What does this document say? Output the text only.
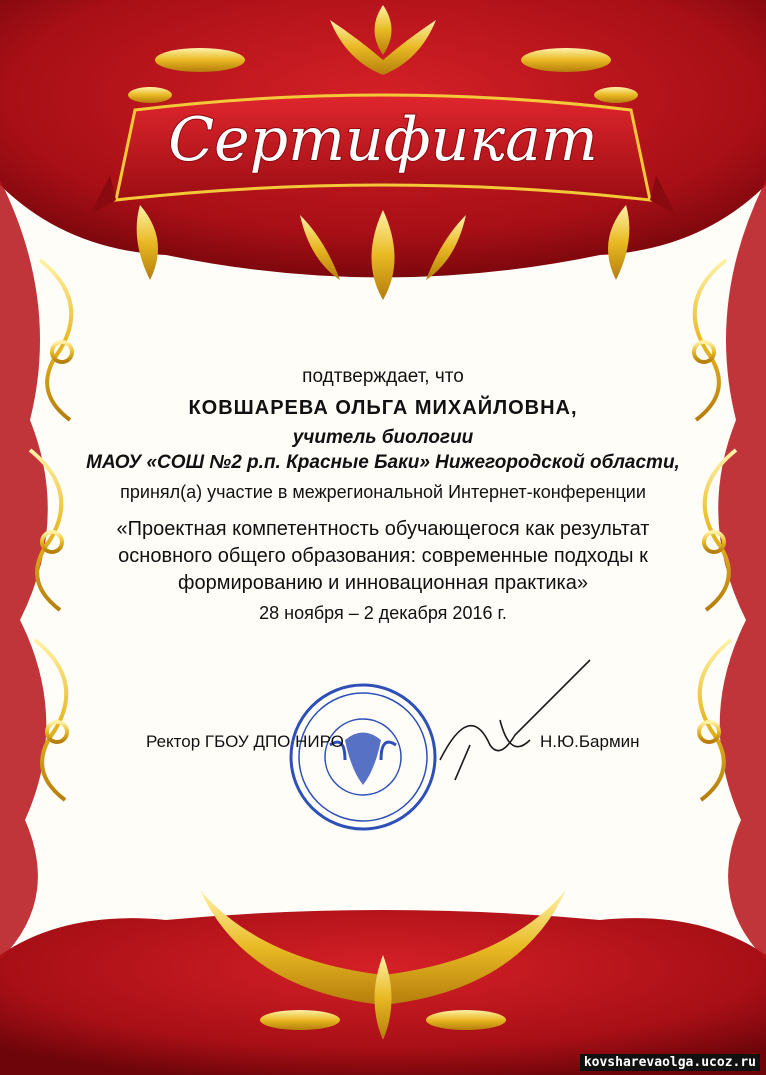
Сертификат
подтверждает, что
КОВШАРЕВА ОЛЬГА МИХАЙЛОВНА,
учитель биологии
МАОУ «СОШ №2 р.п. Красные Баки» Нижегородской области,
принял(а) участие в межрегиональной Интернет-конференции
«Проектная компетентность обучающегося как результат
основного общего образования: современные подходы к
формированию и инновационная практика»
28 ноября – 2 декабря 2016 г.
Ректор ГБОУ ДПО НИРО	Н.Ю.Бармин
kovsharevaolga.ucoz.ru
